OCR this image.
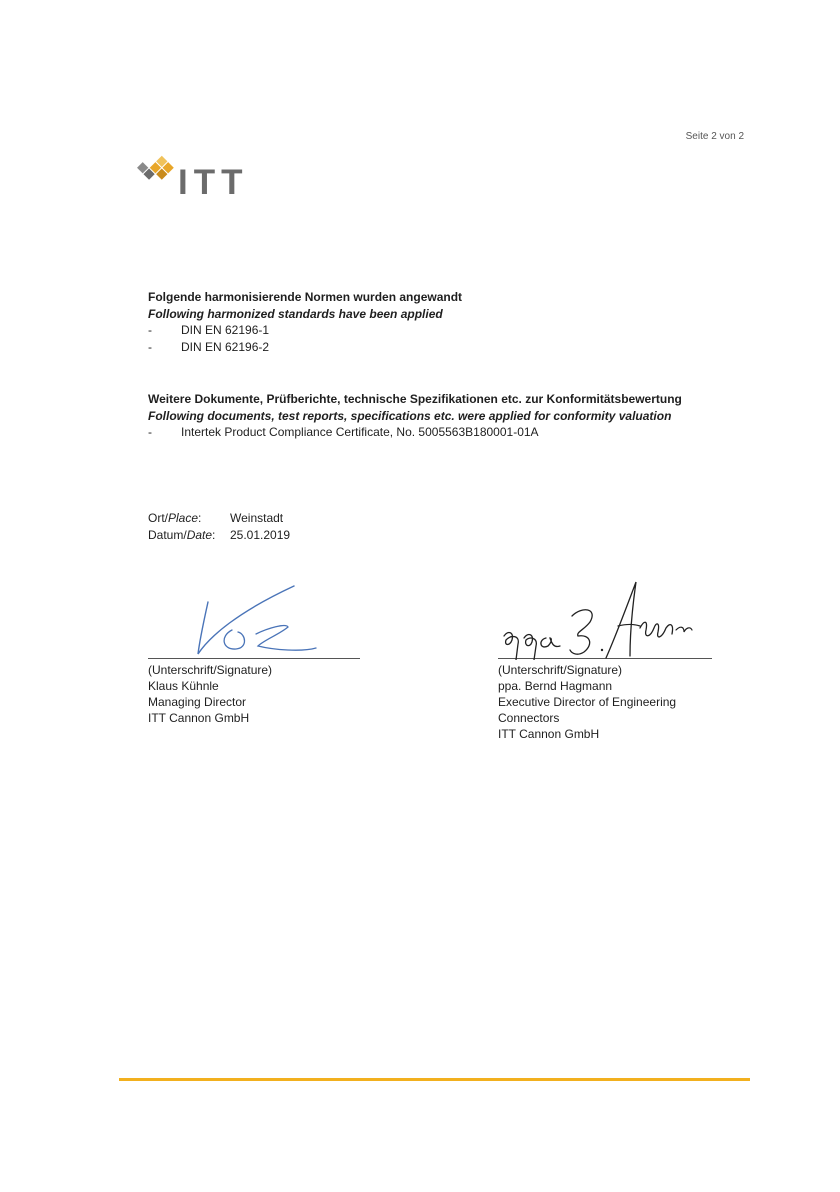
Seite 2 von 2
ITT
Folgende harmonisierende Normen wurden angewandt
Following harmonized standards have been applied
-	DIN EN 62196-1
-	DIN EN 62196-2
Weitere Dokumente, Prüfberichte, technische Spezifikationen etc. zur Konformitätsbewertung
Following documents, test reports, specifications etc. were applied for conformity valuation
-	Intertek Product Compliance Certificate, No. 5005563B180001-01A
Ort/Place:	Weinstadt
Datum/Date:	25.01.2019
(Unterschrift/Signature)
Klaus Kühnle
Managing Director
ITT Cannon GmbH
(Unterschrift/Signature)
ppa. Bernd Hagmann
Executive Director of Engineering
Connectors
ITT Cannon GmbH
